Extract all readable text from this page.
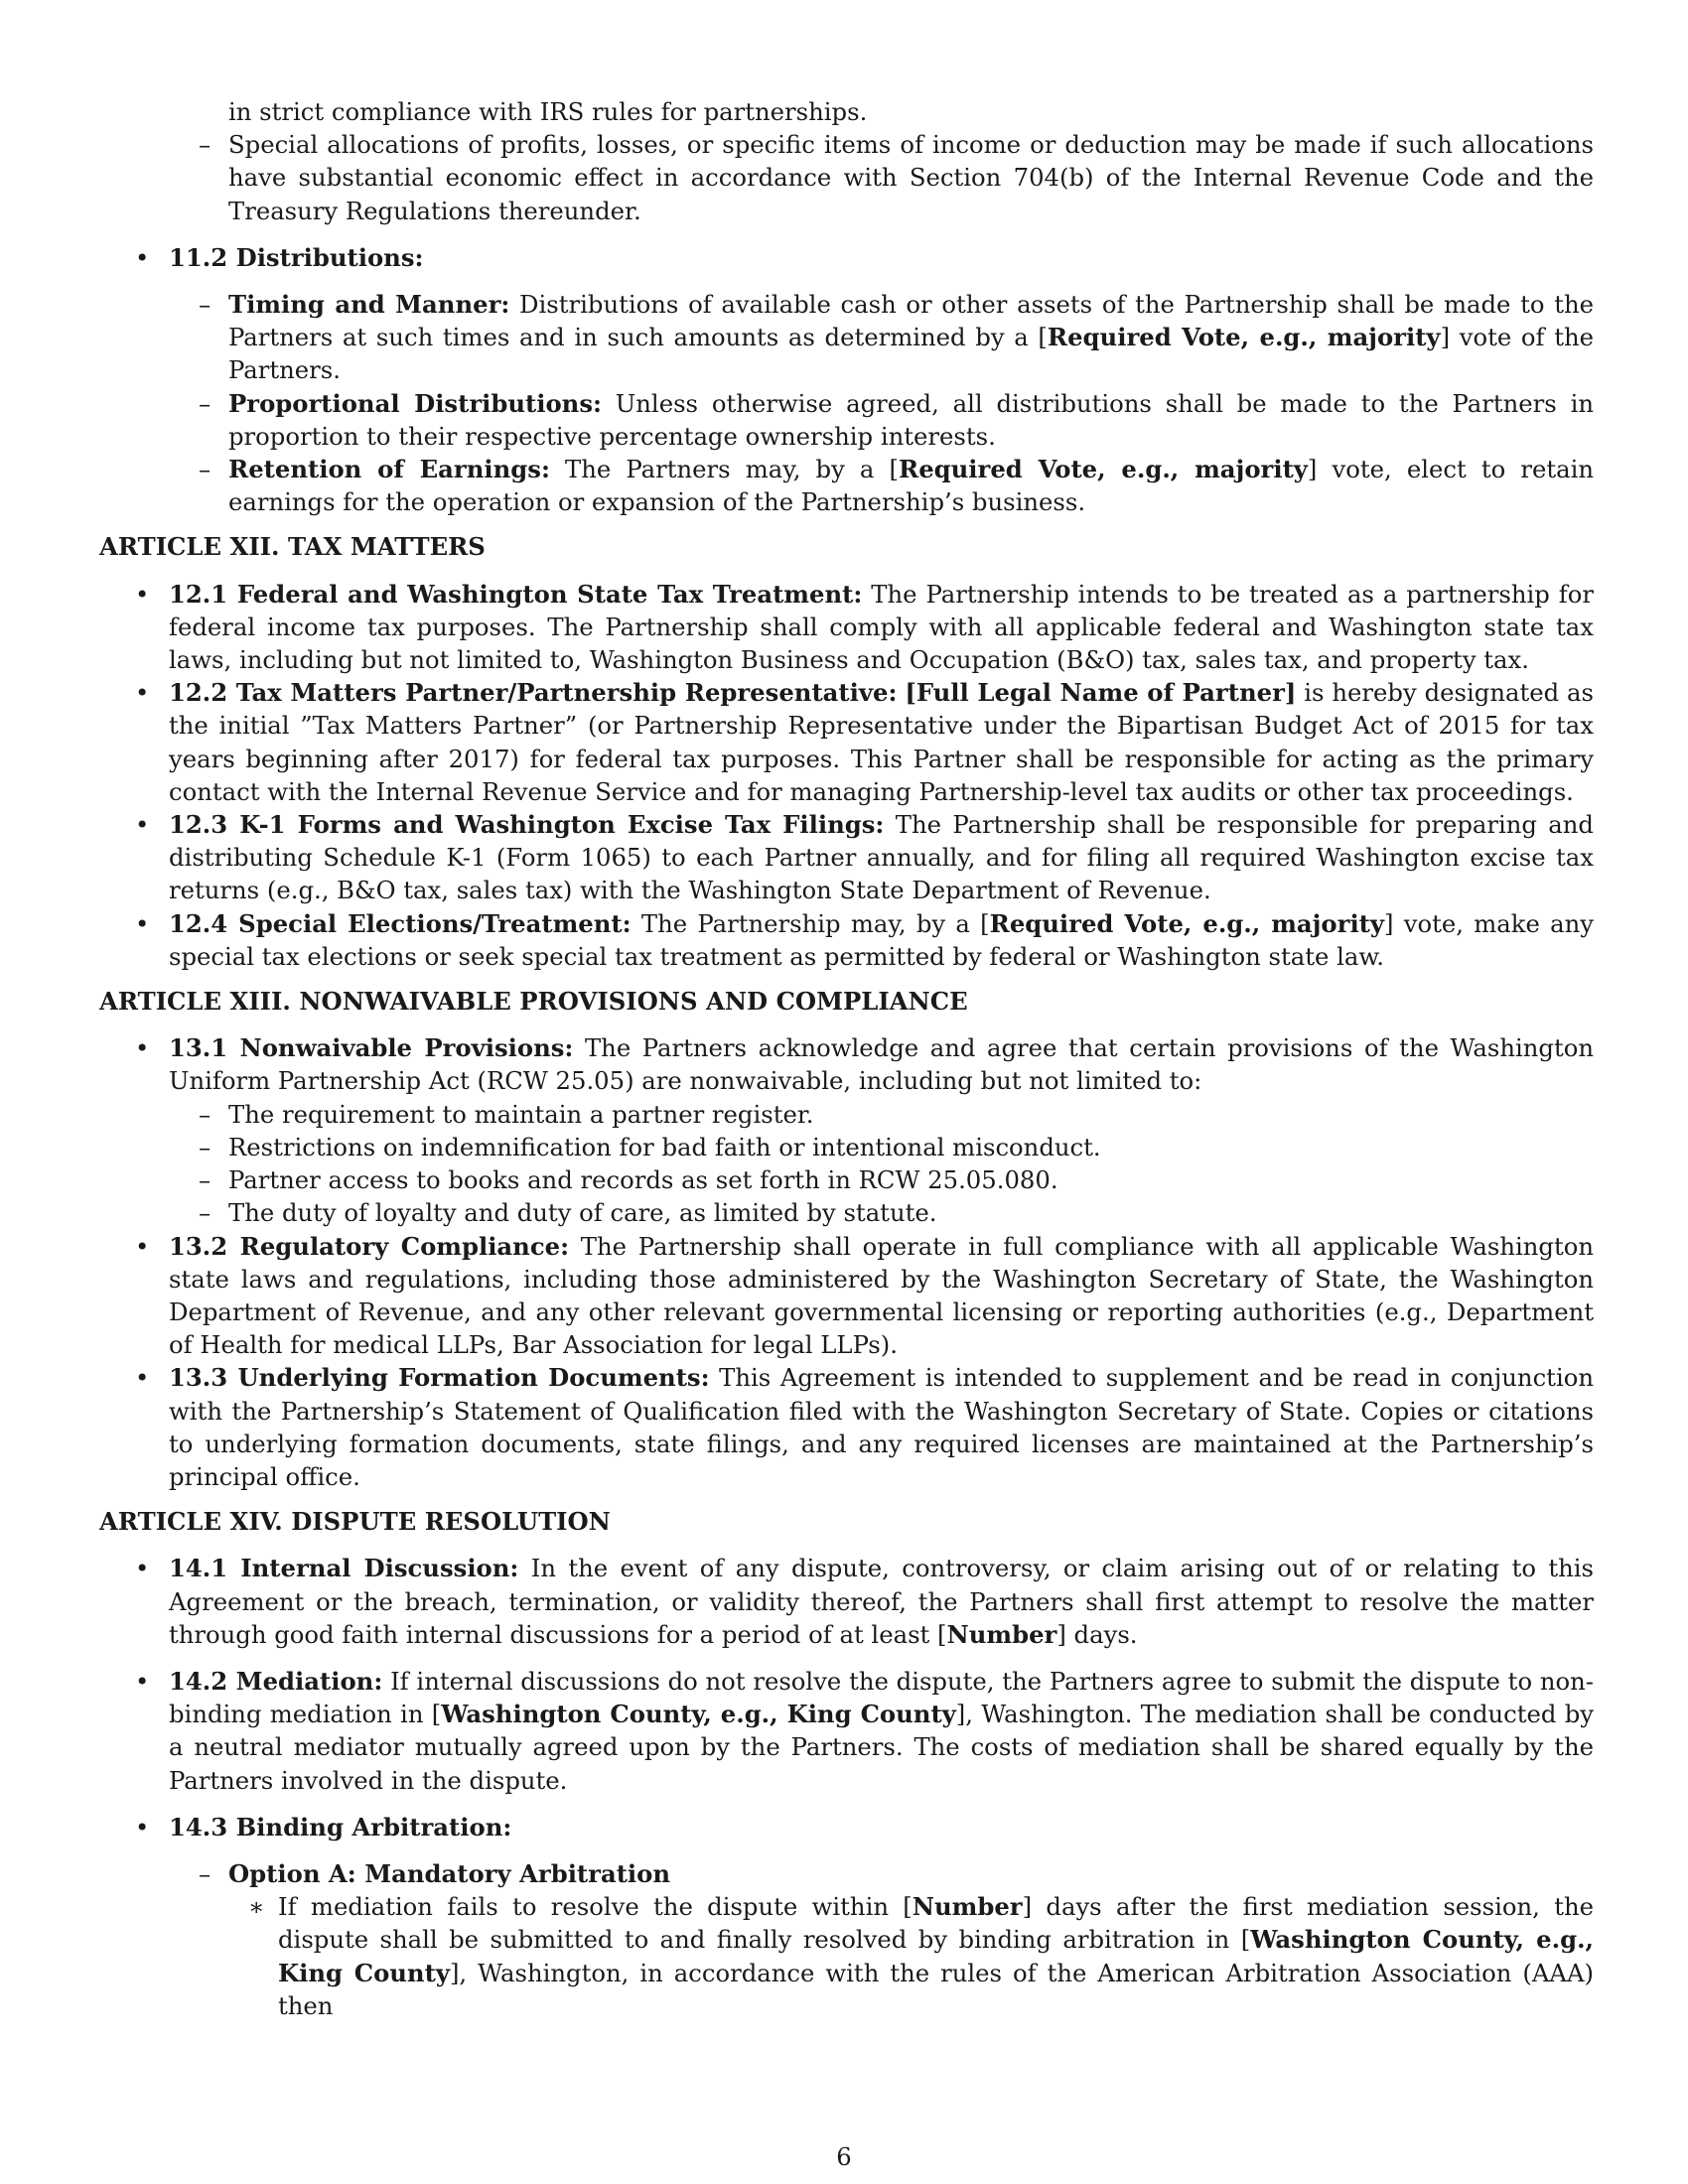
in strict compliance with IRS rules for partnerships.

– Special allocations of profits, losses, or specific items of income or deduction may be made if such allocations have substantial economic effect in accordance with Section 704(b) of the Internal Revenue Code and the Treasury Regulations thereunder.

• 11.2 Distributions:

– Timing and Manner: Distributions of available cash or other assets of the Partnership shall be made to the Partners at such times and in such amounts as determined by a [Required Vote, e.g., majority] vote of the Partners.

– Proportional Distributions: Unless otherwise agreed, all distributions shall be made to the Partners in proportion to their respective percentage ownership interests.

– Retention of Earnings: The Partners may, by a [Required Vote, e.g., majority] vote, elect to retain earnings for the operation or expansion of the Partnership’s business.

ARTICLE XII. TAX MATTERS

• 12.1 Federal and Washington State Tax Treatment: The Partnership intends to be treated as a partnership for federal income tax purposes. The Partnership shall comply with all applicable federal and Washington state tax laws, including but not limited to, Washington Business and Occupation (B&O) tax, sales tax, and property tax.

• 12.2 Tax Matters Partner/Partnership Representative: [Full Legal Name of Partner] is hereby designated as the initial ”Tax Matters Partner” (or Partnership Representative under the Bipartisan Budget Act of 2015 for tax years beginning after 2017) for federal tax purposes. This Partner shall be responsible for acting as the primary contact with the Internal Revenue Service and for managing Partnership-level tax audits or other tax proceedings.

• 12.3 K-1 Forms and Washington Excise Tax Filings: The Partnership shall be responsible for preparing and distributing Schedule K-1 (Form 1065) to each Partner annually, and for filing all required Washington excise tax returns (e.g., B&O tax, sales tax) with the Washington State Department of Revenue.

• 12.4 Special Elections/Treatment: The Partnership may, by a [Required Vote, e.g., majority] vote, make any special tax elections or seek special tax treatment as permitted by federal or Washington state law.

ARTICLE XIII. NONWAIVABLE PROVISIONS AND COMPLIANCE

• 13.1 Nonwaivable Provisions: The Partners acknowledge and agree that certain provisions of the Washington Uniform Partnership Act (RCW 25.05) are nonwaivable, including but not limited to:

– The requirement to maintain a partner register.

– Restrictions on indemnification for bad faith or intentional misconduct.

– Partner access to books and records as set forth in RCW 25.05.080.

– The duty of loyalty and duty of care, as limited by statute.

• 13.2 Regulatory Compliance: The Partnership shall operate in full compliance with all applicable Washington state laws and regulations, including those administered by the Washington Secretary of State, the Washington Department of Revenue, and any other relevant governmental licensing or reporting authorities (e.g., Department of Health for medical LLPs, Bar Association for legal LLPs).

• 13.3 Underlying Formation Documents: This Agreement is intended to supplement and be read in conjunction with the Partnership’s Statement of Qualification filed with the Washington Secretary of State. Copies or citations to underlying formation documents, state filings, and any required licenses are maintained at the Partnership’s principal office.

ARTICLE XIV. DISPUTE RESOLUTION

• 14.1 Internal Discussion: In the event of any dispute, controversy, or claim arising out of or relating to this Agreement or the breach, termination, or validity thereof, the Partners shall first attempt to resolve the matter through good faith internal discussions for a period of at least [Number] days.

• 14.2 Mediation: If internal discussions do not resolve the dispute, the Partners agree to submit the dispute to non-binding mediation in [Washington County, e.g., King County], Washington. The mediation shall be conducted by a neutral mediator mutually agreed upon by the Partners. The costs of mediation shall be shared equally by the Partners involved in the dispute.

• 14.3 Binding Arbitration:

– Option A: Mandatory Arbitration

∗ If mediation fails to resolve the dispute within [Number] days after the first mediation session, the dispute shall be submitted to and finally resolved by binding arbitration in [Washington County, e.g., King County], Washington, in accordance with the rules of the American Arbitration Association (AAA) then

6
